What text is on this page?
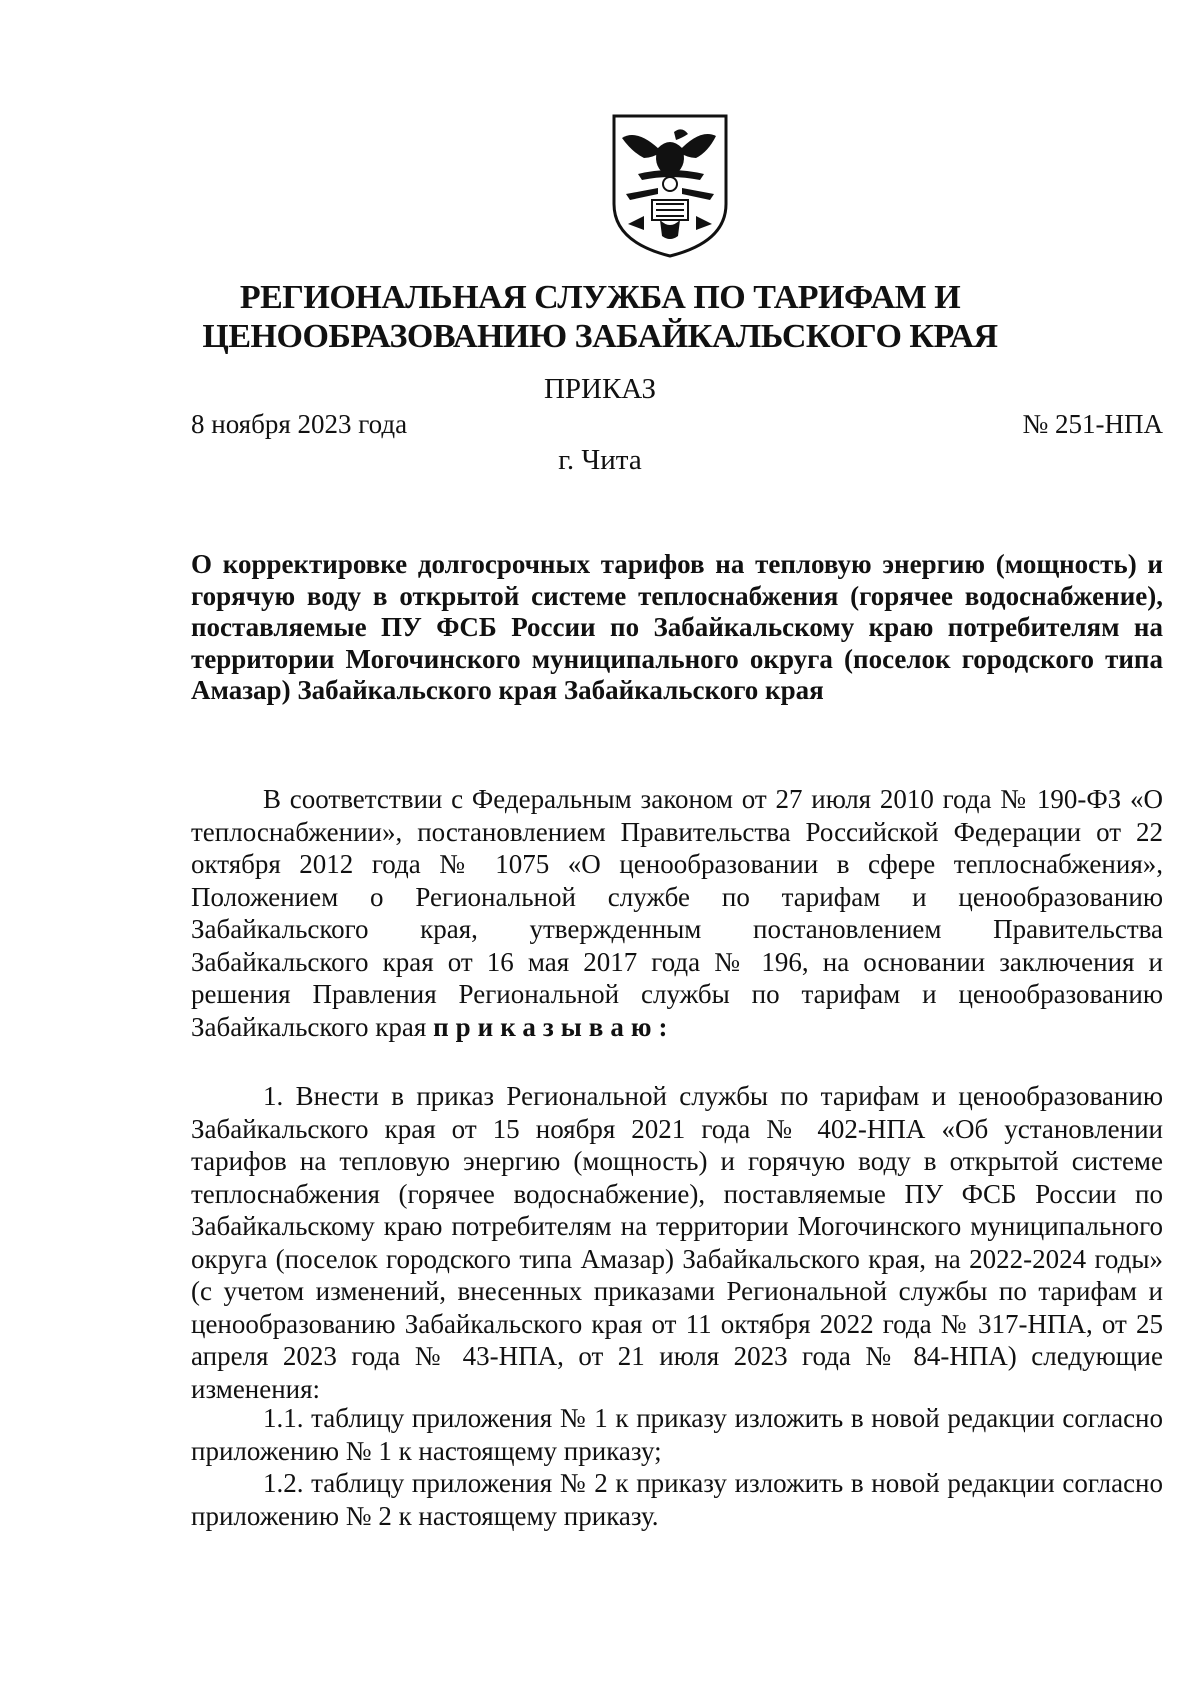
РЕГИОНАЛЬНАЯ СЛУЖБА ПО ТАРИФАМ И
ЦЕНООБРАЗОВАНИЮ ЗАБАЙКАЛЬСКОГО КРАЯ
ПРИКАЗ
8 ноября 2023 года	№ 251-НПА
г. Чита
О корректировке долгосрочных тарифов на тепловую энергию (мощность) и горячую воду в открытой системе теплоснабжения (горячее водоснабжение), поставляемые ПУ ФСБ России по Забайкальскому краю потребителям на территории Могочинского муниципального округа (поселок городского типа Амазар) Забайкальского края Забайкальского края
В соответствии с Федеральным законом от 27 июля 2010 года № 190-ФЗ «О теплоснабжении», постановлением Правительства Российской Федерации от 22 октября 2012 года № 1075 «О ценообразовании в сфере теплоснабжения», Положением о Региональной службе по тарифам и ценообразованию Забайкальского края, утвержденным постановлением Правительства Забайкальского края от 16 мая 2017 года № 196, на основании заключения и решения Правления Региональной службы по тарифам и ценообразованию Забайкальского края приказываю:
1. Внести в приказ Региональной службы по тарифам и ценообразованию Забайкальского края от 15 ноября 2021 года № 402-НПА «Об установлении тарифов на тепловую энергию (мощность) и горячую воду в открытой системе теплоснабжения (горячее водоснабжение), поставляемые ПУ ФСБ России по Забайкальскому краю потребителям на территории Могочинского муниципального округа (поселок городского типа Амазар) Забайкальского края, на 2022-2024 годы» (с учетом изменений, внесенных приказами Региональной службы по тарифам и ценообразованию Забайкальского края от 11 октября 2022 года № 317-НПА, от 25 апреля 2023 года № 43-НПА, от 21 июля 2023 года № 84-НПА) следующие изменения:
1.1. таблицу приложения № 1 к приказу изложить в новой редакции согласно приложению № 1 к настоящему приказу;
1.2. таблицу приложения № 2 к приказу изложить в новой редакции согласно приложению № 2 к настоящему приказу.
